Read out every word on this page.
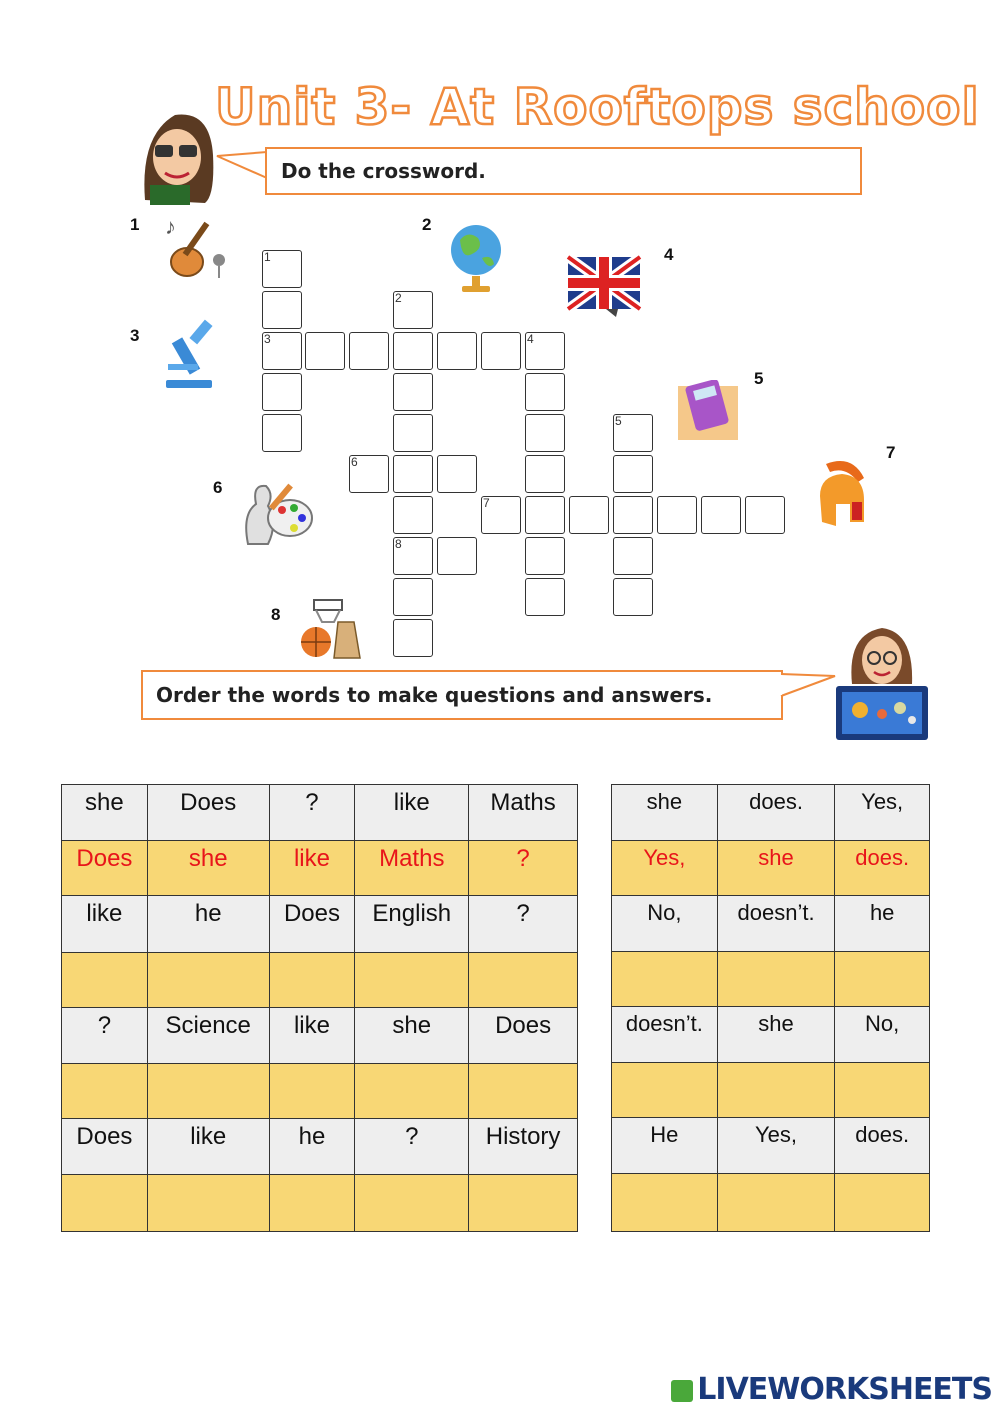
Unit 3- At Rooftops school
Do the crossword.
1	2
3
4
5
6
7
8
♪
1
3	4
2
8
6
7
5
Order the words to make questions and answers.
she	Does	?	like	Maths
Does	she	like	Maths	?
like	he	Does	English	?

?	Science	like	she	Does

Does	like	he	?	History

she	does.	Yes,
Yes,	she	does.
No,	doesn’t.	he

doesn’t.	she	No,

He	Yes,	does.

LIVEWORKSHEETS
